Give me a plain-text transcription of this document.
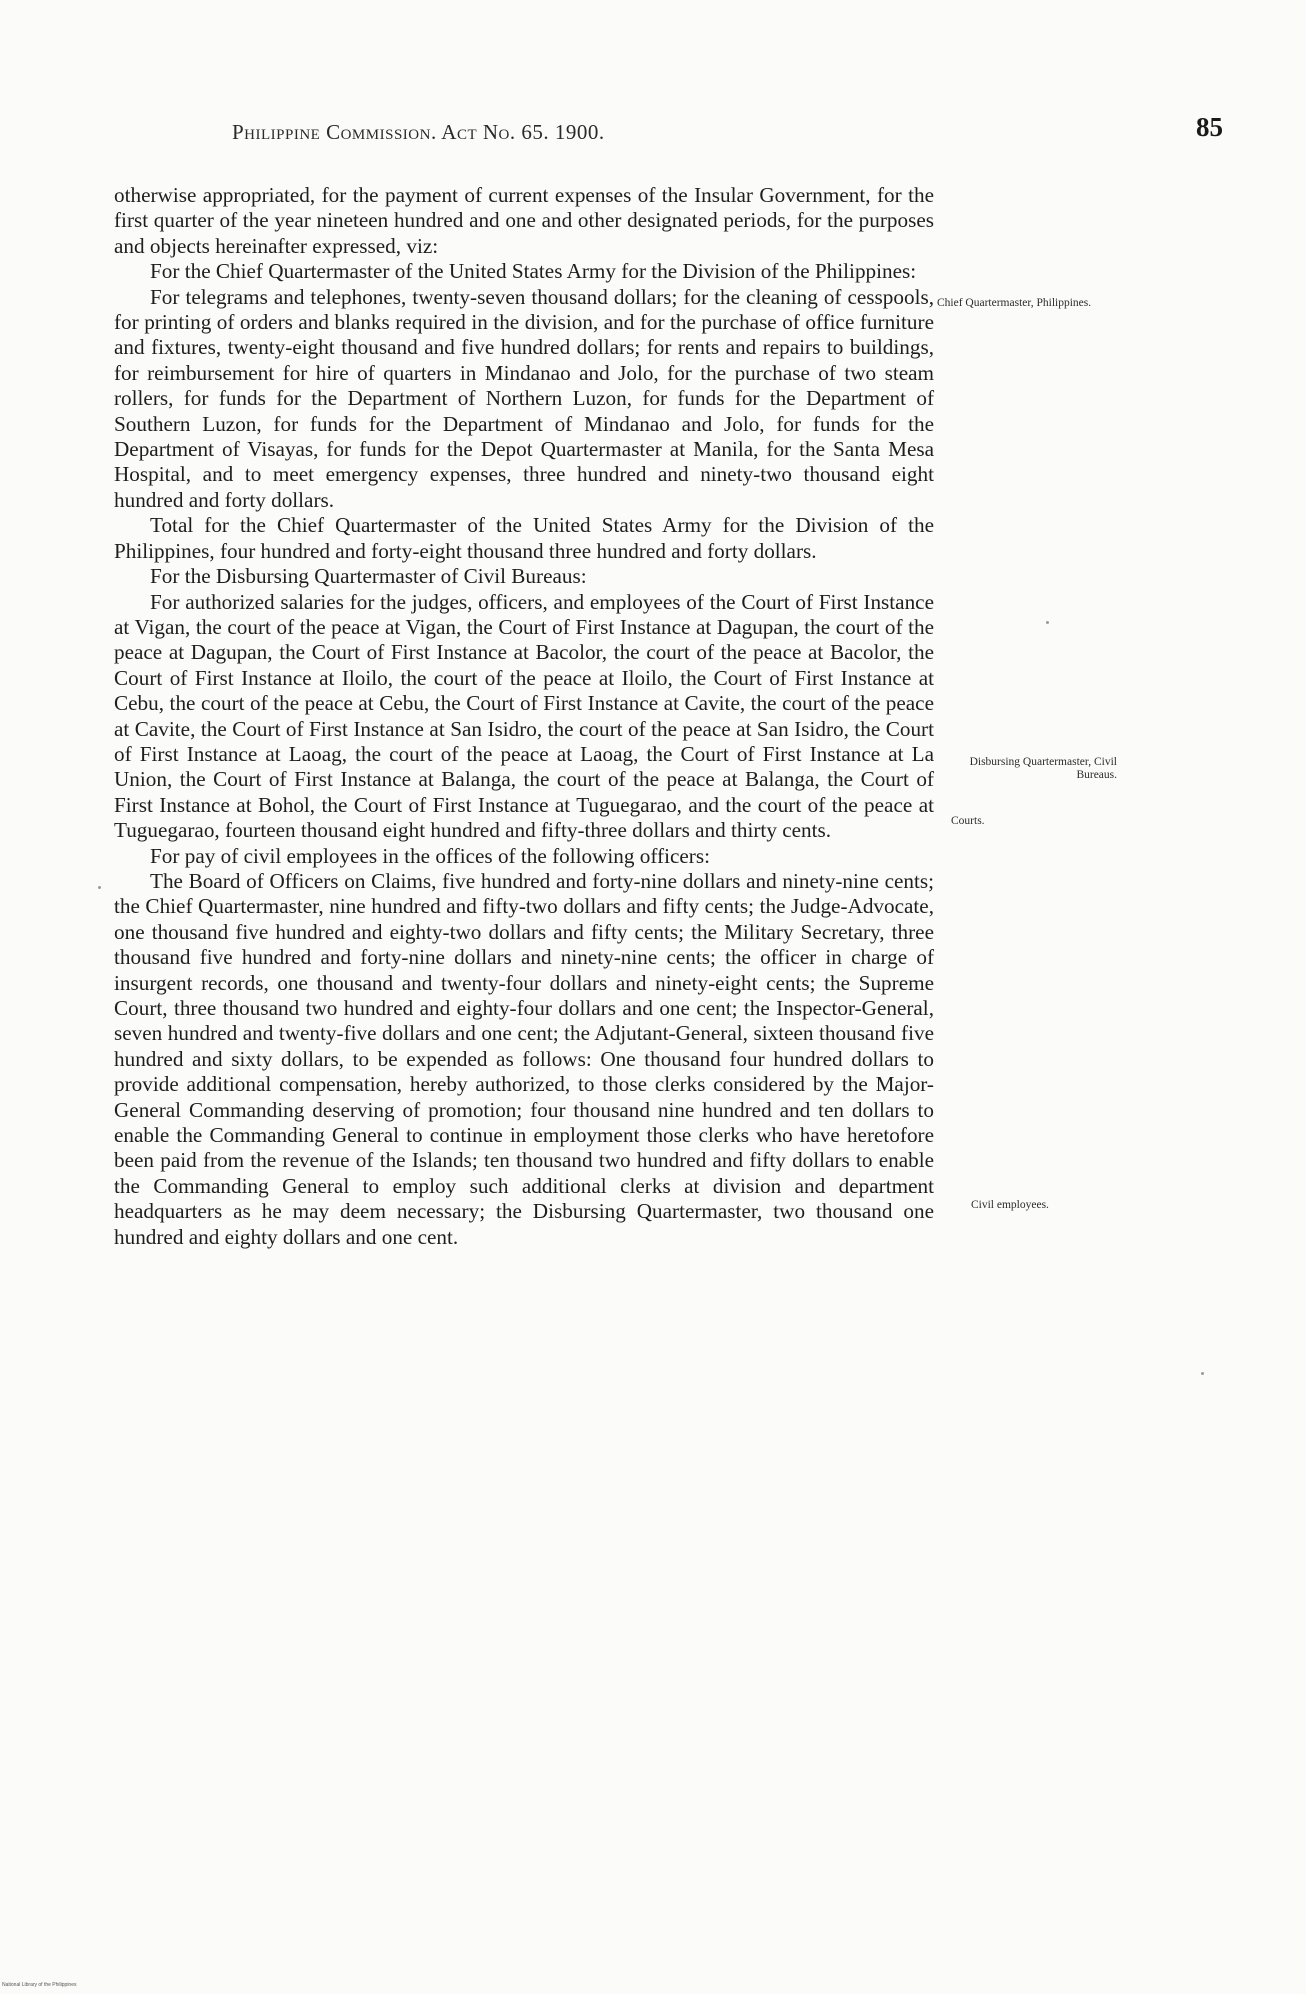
Philippine Commission. Act No. 65. 1900.	85

otherwise appropriated, for the payment of current expenses of the Insular Government, for the first quarter of the year nineteen hundred and one and other designated periods, for the purposes and objects hereinafter expressed, viz:

For the Chief Quartermaster of the United States Army for the Division of the Philippines:

For telegrams and telephones, twenty-seven thousand dollars; for the cleaning of cesspools, for printing of orders and blanks required in the division, and for the purchase of office furniture and fixtures, twenty-eight thousand and five hundred dollars; for rents and repairs to buildings, for reimbursement for hire of quarters in Mindanao and Jolo, for the purchase of two steam rollers, for funds for the Department of Northern Luzon, for funds for the Department of Southern Luzon, for funds for the Department of Mindanao and Jolo, for funds for the Department of Visayas, for funds for the Depot Quartermaster at Manila, for the Santa Mesa Hospital, and to meet emergency expenses, three hundred and ninety-two thousand eight hundred and forty dollars.

Total for the Chief Quartermaster of the United States Army for the Division of the Philippines, four hundred and forty-eight thousand three hundred and forty dollars.

For the Disbursing Quartermaster of Civil Bureaus:

For authorized salaries for the judges, officers, and employees of the Court of First Instance at Vigan, the court of the peace at Vigan, the Court of First Instance at Dagupan, the court of the peace at Dagupan, the Court of First Instance at Bacolor, the court of the peace at Bacolor, the Court of First Instance at Iloilo, the court of the peace at Iloilo, the Court of First Instance at Cebu, the court of the peace at Cebu, the Court of First Instance at Cavite, the court of the peace at Cavite, the Court of First Instance at San Isidro, the court of the peace at San Isidro, the Court of First Instance at Laoag, the court of the peace at Laoag, the Court of First Instance at La Union, the Court of First Instance at Balanga, the court of the peace at Balanga, the Court of First Instance at Bohol, the Court of First Instance at Tuguegarao, and the court of the peace at Tuguegarao, fourteen thousand eight hundred and fifty-three dollars and thirty cents.

For pay of civil employees in the offices of the following officers:

The Board of Officers on Claims, five hundred and forty-nine dollars and ninety-nine cents; the Chief Quartermaster, nine hundred and fifty-two dollars and fifty cents; the Judge-Advocate, one thousand five hundred and eighty-two dollars and fifty cents; the Military Secretary, three thousand five hundred and forty-nine dollars and ninety-nine cents; the officer in charge of insurgent records, one thousand and twenty-four dollars and ninety-eight cents; the Supreme Court, three thousand two hundred and eighty-four dollars and one cent; the Inspector-General, seven hundred and twenty-five dollars and one cent; the Adjutant-General, sixteen thousand five hundred and sixty dollars, to be expended as follows: One thousand four hundred dollars to provide additional compensation, hereby authorized, to those clerks considered by the Major-General Commanding deserving of promotion; four thousand nine hundred and ten dollars to enable the Commanding General to continue in employment those clerks who have heretofore been paid from the revenue of the Islands; ten thousand two hundred and fifty dollars to enable the Commanding General to employ such additional clerks at division and department headquarters as he may deem necessary; the Disbursing Quartermaster, two thousand one hundred and eighty dollars and one cent.

Chief Quartermaster, Philippines.
Disbursing Quartermaster, Civil Bureaus.
Courts.
Civil employees.
National Library of the Philippines
